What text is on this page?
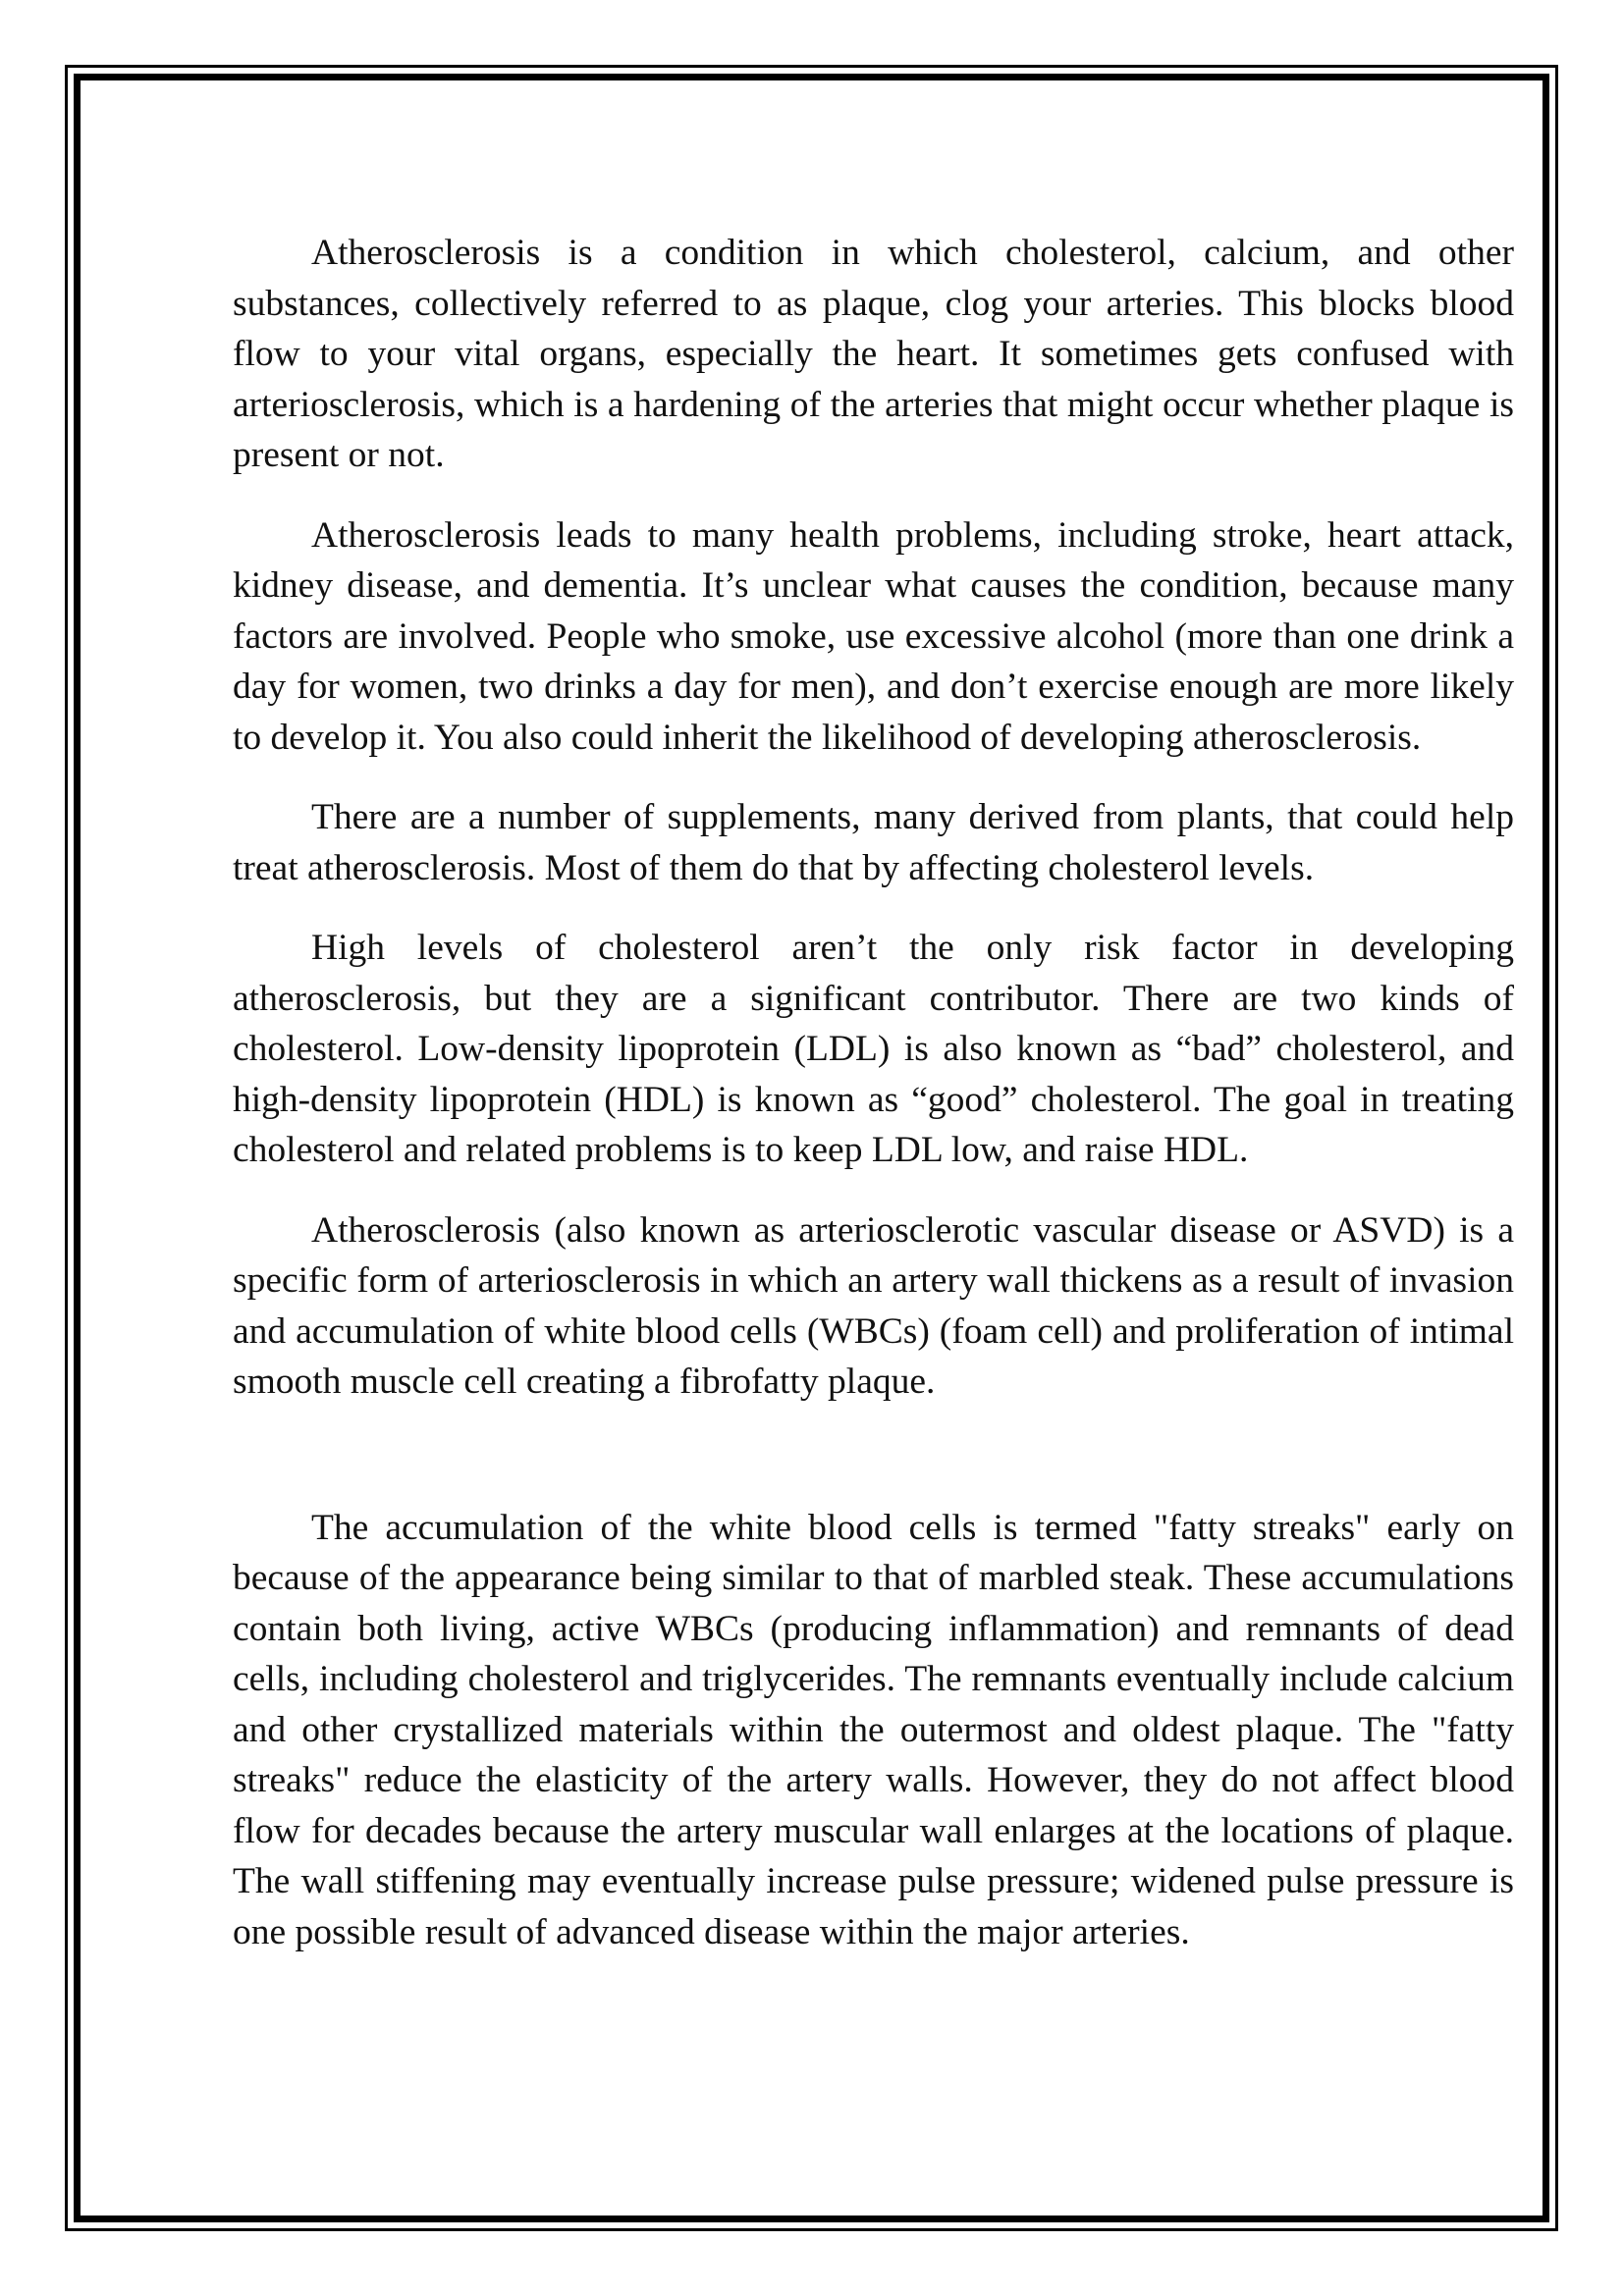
Atherosclerosis is a condition in which cholesterol, calcium, and other substances, collectively referred to as plaque, clog your arteries. This blocks blood flow to your vital organs, especially the heart. It sometimes gets confused with arteriosclerosis, which is a hardening of the arteries that might occur whether plaque is present or not.

Atherosclerosis leads to many health problems, including stroke, heart attack, kidney disease, and dementia. It’s unclear what causes the condition, because many factors are involved. People who smoke, use excessive alcohol (more than one drink a day for women, two drinks a day for men), and don’t exercise enough are more likely to develop it. You also could inherit the likelihood of developing atherosclerosis.

There are a number of supplements, many derived from plants, that could help treat atherosclerosis. Most of them do that by affecting cholesterol levels.

High levels of cholesterol aren’t the only risk factor in developing atherosclerosis, but they are a significant contributor. There are two kinds of cholesterol. Low-density lipoprotein (LDL) is also known as “bad” cholesterol, and high-density lipoprotein (HDL) is known as “good” cholesterol. The goal in treating cholesterol and related problems is to keep LDL low, and raise HDL.

Atherosclerosis (also known as arteriosclerotic vascular disease or ASVD) is a specific form of arteriosclerosis in which an artery wall thickens as a result of invasion and accumulation of white blood cells (WBCs) (foam cell) and proliferation of intimal smooth muscle cell creating a fibrofatty plaque.

The accumulation of the white blood cells is termed "fatty streaks" early on because of the appearance being similar to that of marbled steak. These accumulations contain both living, active WBCs (producing inflammation) and remnants of dead cells, including cholesterol and triglycerides. The remnants eventually include calcium and other crystallized materials within the outermost and oldest plaque. The "fatty streaks" reduce the elasticity of the artery walls. However, they do not affect blood flow for decades because the artery muscular wall enlarges at the locations of plaque. The wall stiffening may eventually increase pulse pressure; widened pulse pressure is one possible result of advanced disease within the major arteries.
